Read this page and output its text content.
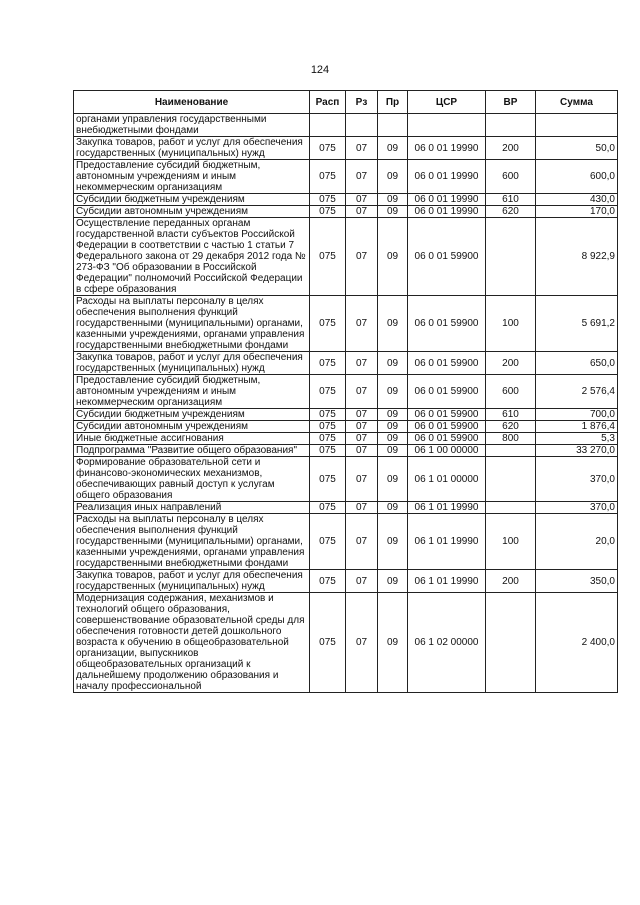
124
Наименование	Расп	Рз	Пр	ЦСР	ВР	Сумма
органами управления государственными внебюджетными фондами						
Закупка товаров, работ и услуг для обеспечения государственных (муниципальных) нужд	075	07	09	06 0 01 19990	200	50,0
Предоставление субсидий бюджетным, автономным учреждениям и иным некоммерческим организациям	075	07	09	06 0 01 19990	600	600,0
Субсидии бюджетным учреждениям	075	07	09	06 0 01 19990	610	430,0
Субсидии автономным учреждениям	075	07	09	06 0 01 19990	620	170,0
Осуществление переданных органам государственной власти субъектов Российской Федерации в соответствии с частью 1 статьи 7 Федерального закона от 29 декабря 2012 года № 273-ФЗ "Об образовании в Российской Федерации" полномочий Российской Федерации в сфере образования	075	07	09	06 0 01 59900		8 922,9
Расходы на выплаты персоналу в целях обеспечения выполнения функций государственными (муниципальными) органами, казенными учреждениями, органами управления государственными внебюджетными фондами	075	07	09	06 0 01 59900	100	5 691,2
Закупка товаров, работ и услуг для обеспечения государственных (муниципальных) нужд	075	07	09	06 0 01 59900	200	650,0
Предоставление субсидий бюджетным, автономным учреждениям и иным некоммерческим организациям	075	07	09	06 0 01 59900	600	2 576,4
Субсидии бюджетным учреждениям	075	07	09	06 0 01 59900	610	700,0
Субсидии автономным учреждениям	075	07	09	06 0 01 59900	620	1 876,4
Иные бюджетные ассигнования	075	07	09	06 0 01 59900	800	5,3
Подпрограмма "Развитие общего образования"	075	07	09	06 1 00 00000		33 270,0
Формирование образовательной сети и финансово-экономических механизмов, обеспечивающих равный доступ к услугам общего образования	075	07	09	06 1 01 00000		370,0
Реализация иных направлений	075	07	09	06 1 01 19990		370,0
Расходы на выплаты персоналу в целях обеспечения выполнения функций государственными (муниципальными) органами, казенными учреждениями, органами управления государственными внебюджетными фондами	075	07	09	06 1 01 19990	100	20,0
Закупка товаров, работ и услуг для обеспечения государственных (муниципальных) нужд	075	07	09	06 1 01 19990	200	350,0
Модернизация содержания, механизмов и технологий общего образования, совершенствование образовательной среды для обеспечения готовности детей дошкольного возраста к обучению в общеобразовательной организации, выпускников общеобразовательных организаций к дальнейшему продолжению образования и началу профессиональной	075	07	09	06 1 02 00000		2 400,0
